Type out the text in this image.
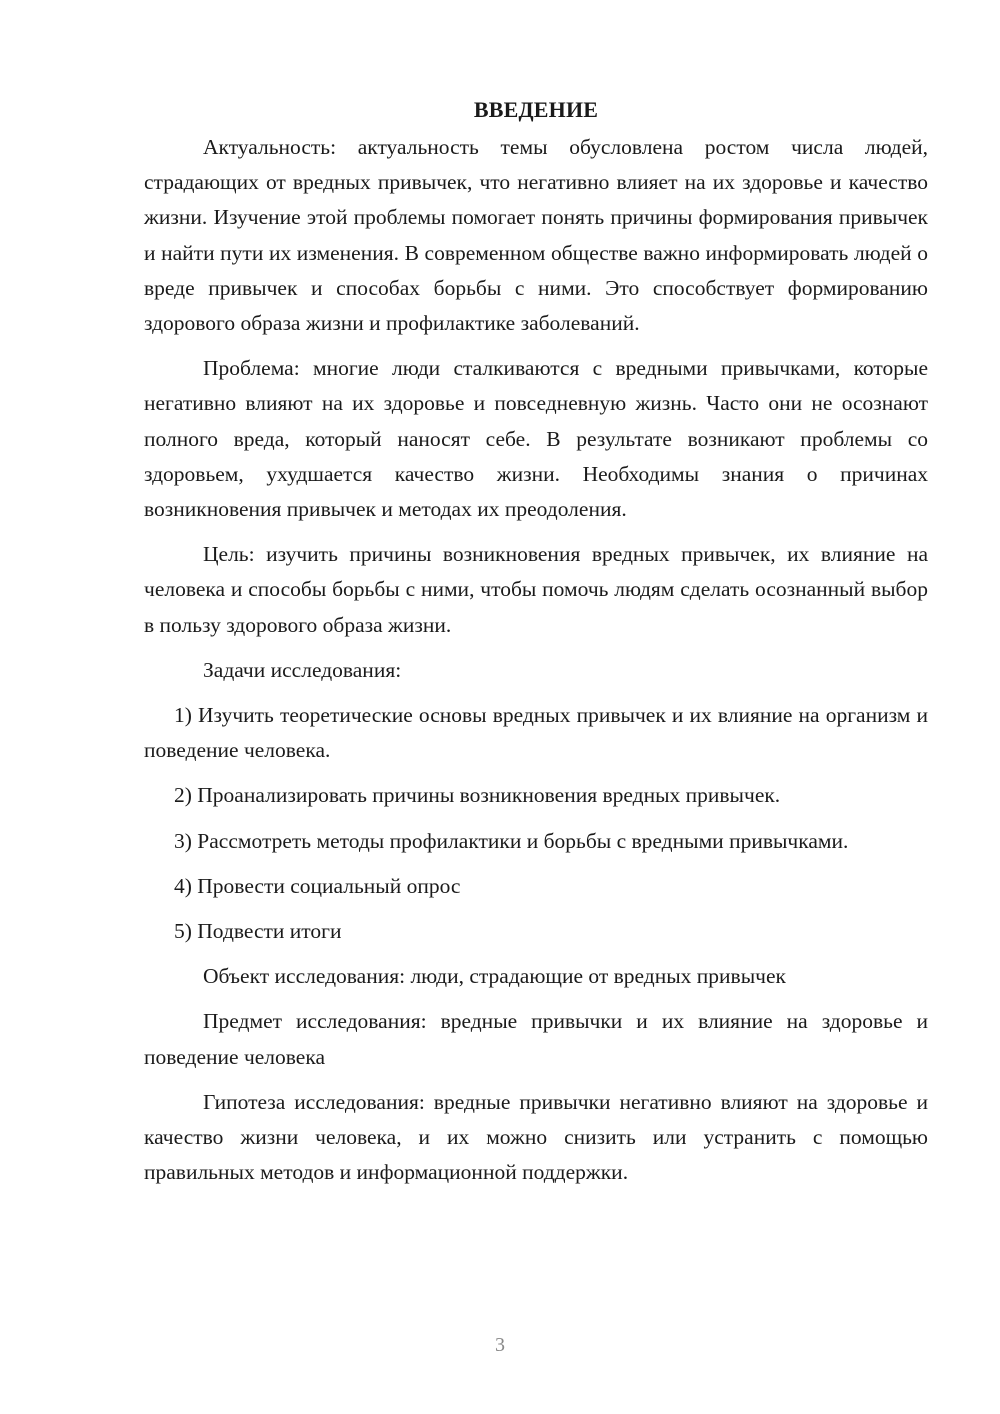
ВВЕДЕНИЕ

Актуальность: актуальность темы обусловлена ростом числа людей, страдающих от вредных привычек, что негативно влияет на их здоровье и качество жизни. Изучение этой проблемы помогает понять причины формирования привычек и найти пути их изменения. В современном обществе важно информировать людей о вреде привычек и способах борьбы с ними. Это способствует формированию здорового образа жизни и профилактике заболеваний.

Проблема: многие люди сталкиваются с вредными привычками, которые негативно влияют на их здоровье и повседневную жизнь. Часто они не осознают полного вреда, который наносят себе. В результате возникают проблемы со здоровьем, ухудшается качество жизни. Необходимы знания о причинах возникновения привычек и методах их преодоления.

Цель: изучить причины возникновения вредных привычек, их влияние на человека и способы борьбы с ними, чтобы помочь людям сделать осознанный выбор в пользу здорового образа жизни.

Задачи исследования:

1) Изучить теоретические основы вредных привычек и их влияние на организм и поведение человека.

2) Проанализировать причины возникновения вредных привычек.

3) Рассмотреть методы профилактики и борьбы с вредными привычками.

4) Провести социальный опрос

5) Подвести итоги

Объект исследования: люди, страдающие от вредных привычек

Предмет исследования: вредные привычки и их влияние на здоровье и поведение человека

Гипотеза исследования: вредные привычки негативно влияют на здоровье и качество жизни человека, и их можно снизить или устранить с помощью правильных методов и информационной поддержки.

3
